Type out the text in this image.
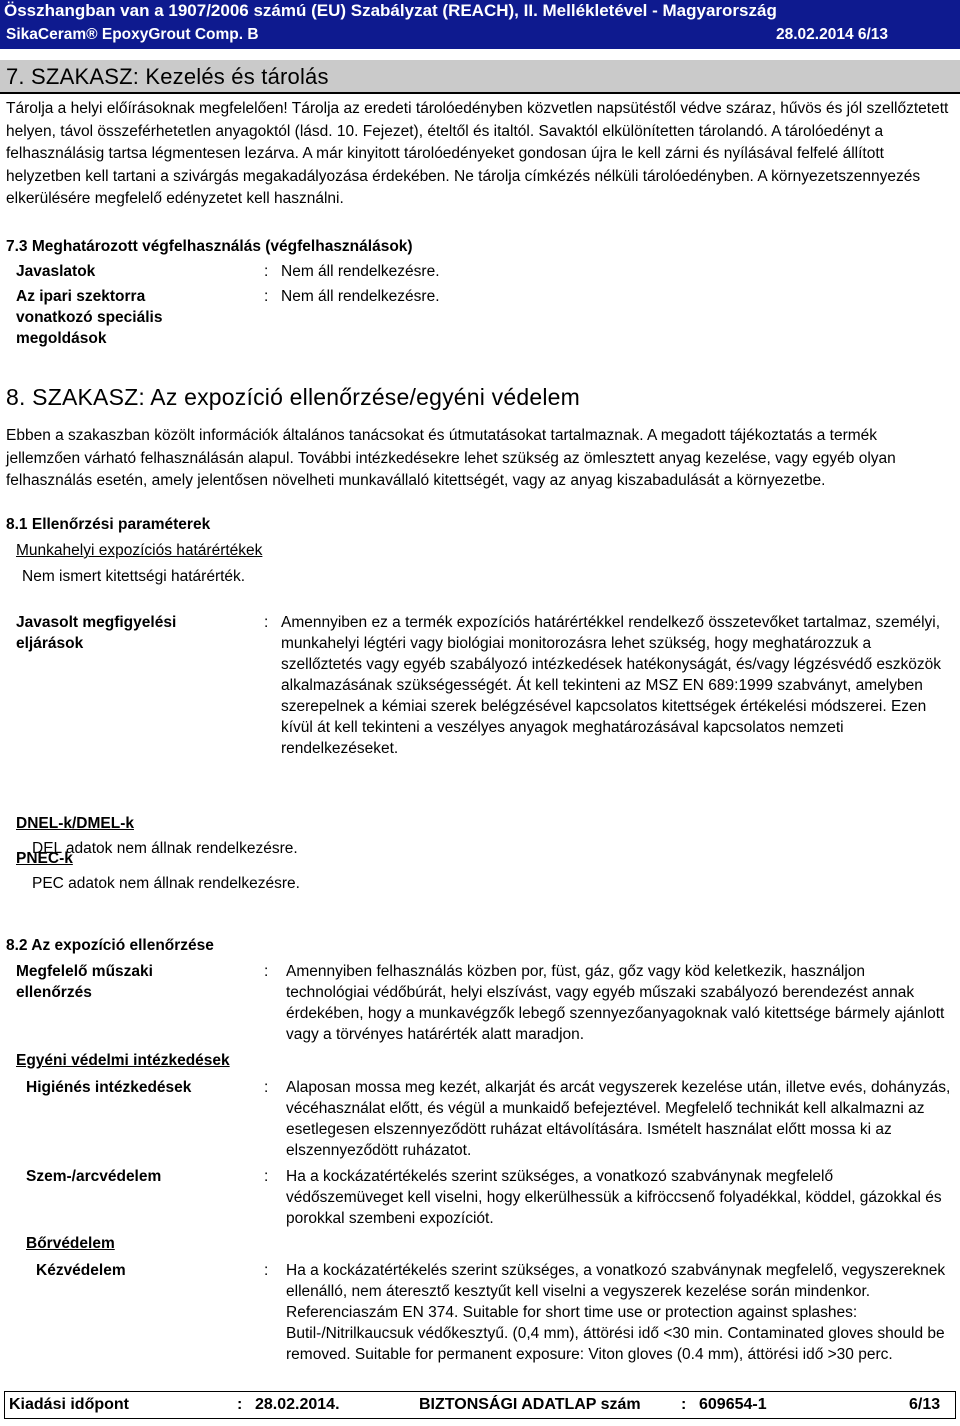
Összhangban van a 1907/2006 számú (EU) Szabályzat (REACH), II. Mellékletével - Magyarország
SikaCeram® EpoxyGrout Comp. B	28.02.2014 6/13
7. SZAKASZ: Kezelés és tárolás
Tárolja a helyi előírásoknak megfelelően! Tárolja az eredeti tárolóedényben közvetlen napsütéstől védve száraz, hűvös és jól szellőztetett helyen, távol összeférhetetlen anyagoktól (lásd. 10. Fejezet), ételtől és italtól. Savaktól elkülönítetten tárolandó. A tárolóedényt a felhasználásig tartsa légmentesen lezárva. A már kinyitott tárolóedényeket gondosan újra le kell zárni és nyílásával felfelé állított helyzetben kell tartani a szivárgás megakadályozása érdekében. Ne tárolja címkézés nélküli tárolóedényben. A környezetszennyezés elkerülésére megfelelő edényzetet kell használni.
7.3 Meghatározott végfelhasználás (végfelhasználások)
Javaslatok	: Nem áll rendelkezésre.
Az ipari szektorra vonatkozó speciális megoldások
: Nem áll rendelkezésre.
8. SZAKASZ: Az expozíció ellenőrzése/egyéni védelem
Ebben a szakaszban közölt információk általános tanácsokat és útmutatásokat tartalmaznak. A megadott tájékoztatás a termék jellemzően várható felhasználásán alapul. További intézkedésekre lehet szükség az ömlesztett anyag kezelése, vagy egyéb olyan felhasználás esetén, amely jelentősen növelheti munkavállaló kitettségét, vagy az anyag kiszabadulását a környezetbe.
8.1 Ellenőrzési paraméterek
Munkahelyi expozíciós határértékek
Nem ismert kitettségi határérték.
Javasolt megfigyelési eljárások
: Amennyiben ez a termék expozíciós határértékkel rendelkező összetevőket tartalmaz, személyi, munkahelyi légtéri vagy biológiai monitorozásra lehet szükség, hogy meghatározzuk a szellőztetés vagy egyéb szabályozó intézkedések hatékonyságát, és/vagy légzésvédő eszközök alkalmazásának szükségességét. Át kell tekinteni az MSZ EN 689:1999 szabványt, amelyben szerepelnek a kémiai szerek belégzésével kapcsolatos kitettségek értékelési módszerei. Ezen kívül át kell tekinteni a veszélyes anyagok meghatározásával kapcsolatos nemzeti rendelkezéseket.
DNEL-k/DMEL-k
DEL adatok nem állnak rendelkezésre.
PNEC-k
PEC adatok nem állnak rendelkezésre.
8.2 Az expozíció ellenőrzése
Megfelelő műszaki ellenőrzés
: Amennyiben felhasználás közben por, füst, gáz, gőz vagy köd keletkezik, használjon technológiai védőbúrát, helyi elszívást, vagy egyéb műszaki szabályozó berendezést annak érdekében, hogy a munkavégzők lebegő szennyezőanyagoknak való kitettsége bármely ajánlott vagy a törvényes határérték alatt maradjon.
Egyéni védelmi intézkedések
Higiénés intézkedések	: Alaposan mossa meg kezét, alkarját és arcát vegyszerek kezelése után, illetve evés, dohányzás, vécéhasználat előtt, és végül a munkaidő befejeztével. Megfelelő technikát kell alkalmazni az esetlegesen elszennyeződött ruházat eltávolítására. Ismételt használat előtt mossa ki az elszennyeződött ruházatot.
Szem-/arcvédelem	: Ha a kockázatértékelés szerint szükséges, a vonatkozó szabványnak megfelelő védőszemüveget kell viselni, hogy elkerülhessük a kifröccsenő folyadékkal, köddel, gázokkal és porokkal szembeni expozíciót.
Bőrvédelem
Kézvédelem	: Ha a kockázatértékelés szerint szükséges, a vonatkozó szabványnak megfelelő, vegyszereknek ellenálló, nem áteresztő kesztyűt kell viselni a vegyszerek kezelése során mindenkor. Referenciaszám EN 374. Suitable for short time use or protection against splashes: Butil-/Nitrilkaucsuk védőkesztyű. (0,4 mm), áttörési idő <30 min. Contaminated gloves should be removed. Suitable for permanent exposure: Viton gloves (0.4 mm), áttörési idő >30 perc.
Kiadási időpont	: 28.02.2014.	BIZTONSÁGI ADATLAP szám	: 609654-1	6/13
